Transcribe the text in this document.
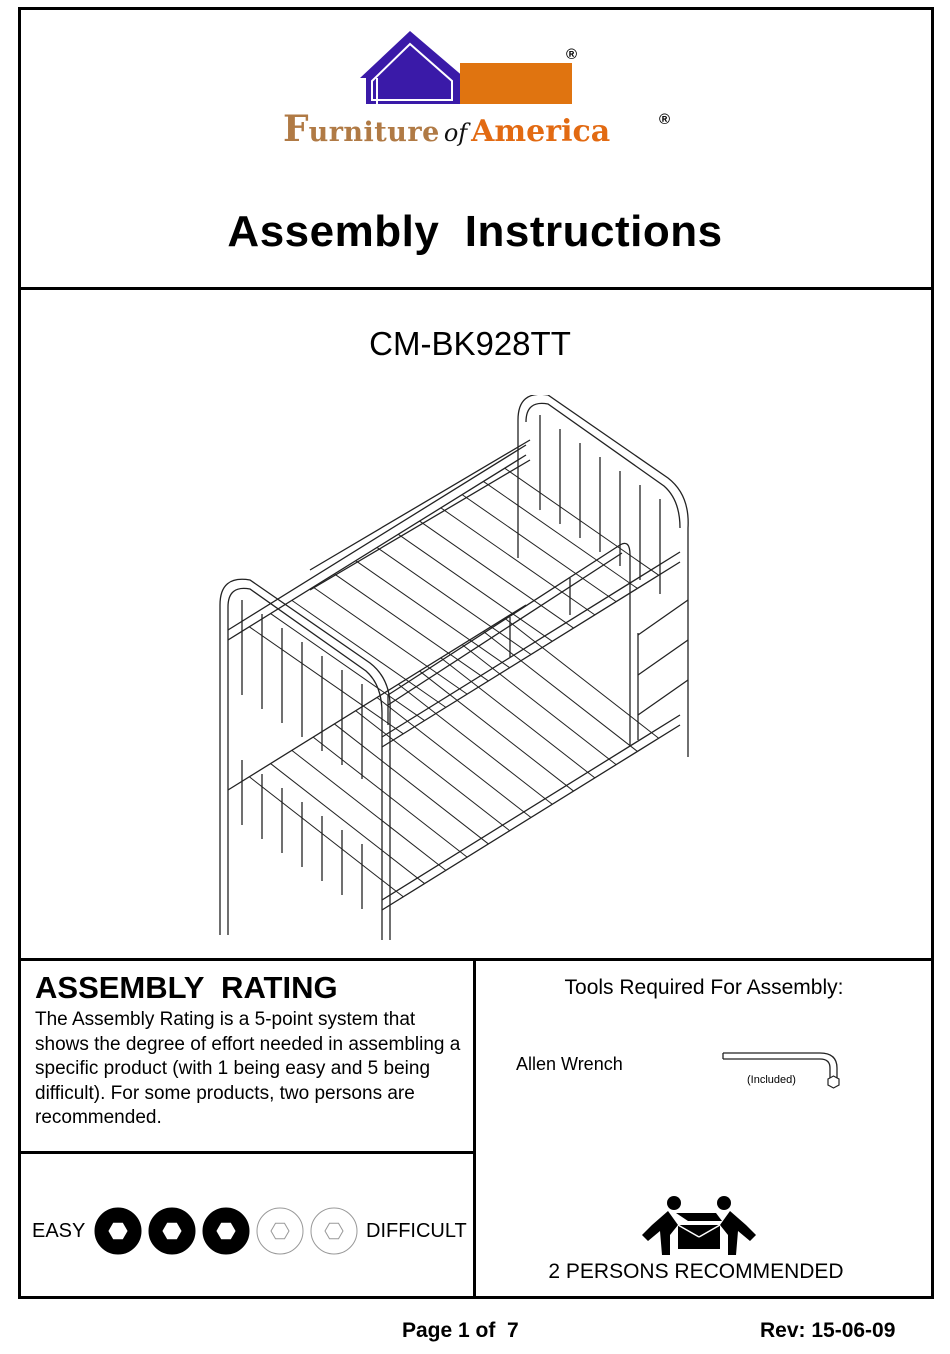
®
Furniture of America	®
Assembly  Instructions
CM-BK928TT
ASSEMBLY  RATING
The Assembly Rating is a 5-point system that shows the degree of effort needed in assembling a specific product (with 1 being easy and 5 being difficult). For some products, two persons are recommended.
EASY	DIFFICULT
Tools Required For Assembly:
Allen Wrench
(Included)
2 PERSONS RECOMMENDED
Page 1 of  7	Rev: 15-06-09
